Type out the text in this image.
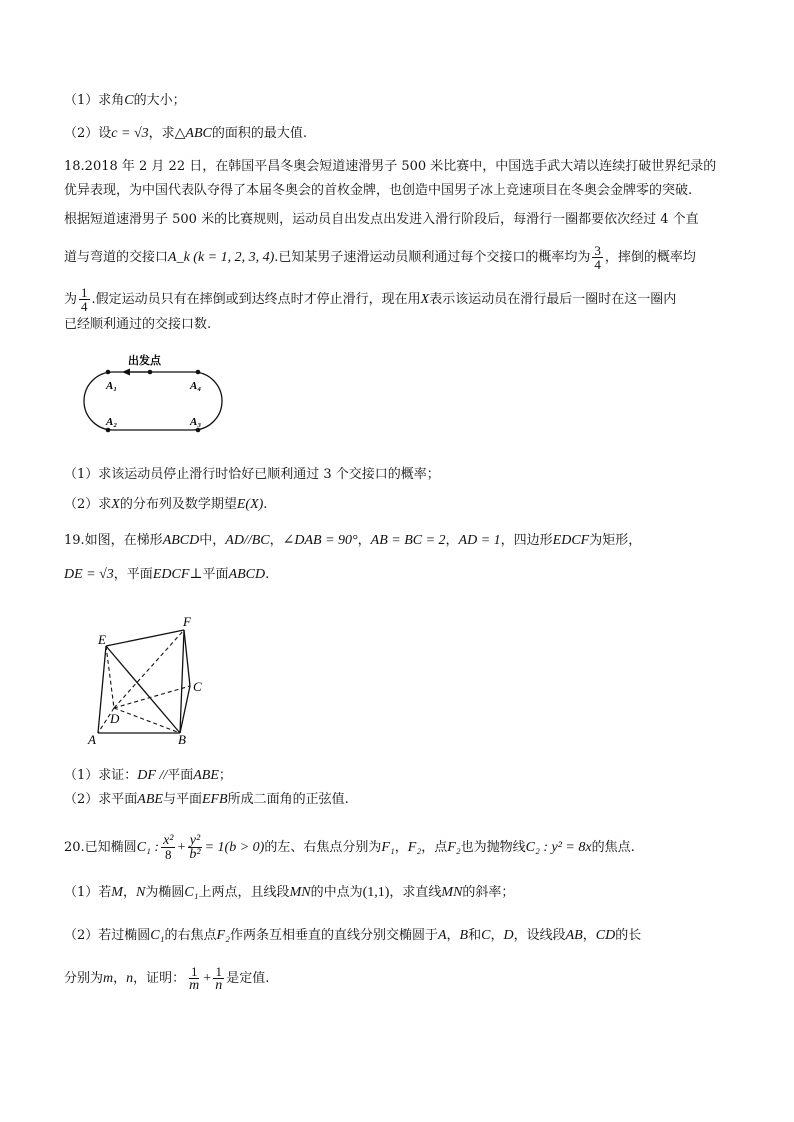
（1）求角C的大小；
（2）设c = √3，求△ABC的面积的最大值.
18.2018 年 2 月 22 日，在韩国平昌冬奥会短道速滑男子 500 米比赛中，中国选手武大靖以连续打破世界纪录的
优异表现，为中国代表队夺得了本届冬奥会的首枚金牌，也创造中国男子冰上竞速项目在冬奥会金牌零的突破.
根据短道速滑男子 500 米的比赛规则，运动员自出发点出发进入滑行阶段后，每滑行一圈都要依次经过 4 个直
道与弯道的交接口A_k (k = 1, 2, 3, 4).已知某男子速滑运动员顺利通过每个交接口的概率均为 $\frac{3}{4}$ ，摔倒的概率均
为 $\frac{1}{4}$ .假定运动员只有在摔倒或到达终点时才停止滑行，现在用X表示该运动员在滑行最后一圈时在这一圈内
已经顺利通过的交接口数.
出发点
A₁	A₄
A₂	A₃
（1）求该运动员停止滑行时恰好已顺利通过 3 个交接口的概率；
（2）求X的分布列及数学期望E(X).
19.如图，在梯形ABCD中，AD//BC，∠DAB = 90°，AB = BC = 2，AD = 1，四边形EDCF为矩形，
DE = √3，平面EDCF⊥平面ABCD.
E
F
C
D
A	B
（1）求证：DF //平面ABE；
（2）求平面ABE与平面EFB所成二面角的正弦值.
20.已知椭圆C₁ : $\frac{\text{x²}}{8} + \frac{\text{y²}}{\text{b²}} = 1(b > 0)$的左、右焦点分别为F₁，F₂，点F₂也为抛物线C₂ : y² = 8x的焦点.
（1）若M，N为椭圆C₁上两点，且线段MN的中点为(1,1)，求直线MN的斜率；
（2）若过椭圆C₁的右焦点F₂作两条互相垂直的直线分别交椭圆于A，B和C，D，设线段AB，CD的长
分别为m，n，证明： $\frac{1}{m} + \frac{1}{n}$ 是定值.
